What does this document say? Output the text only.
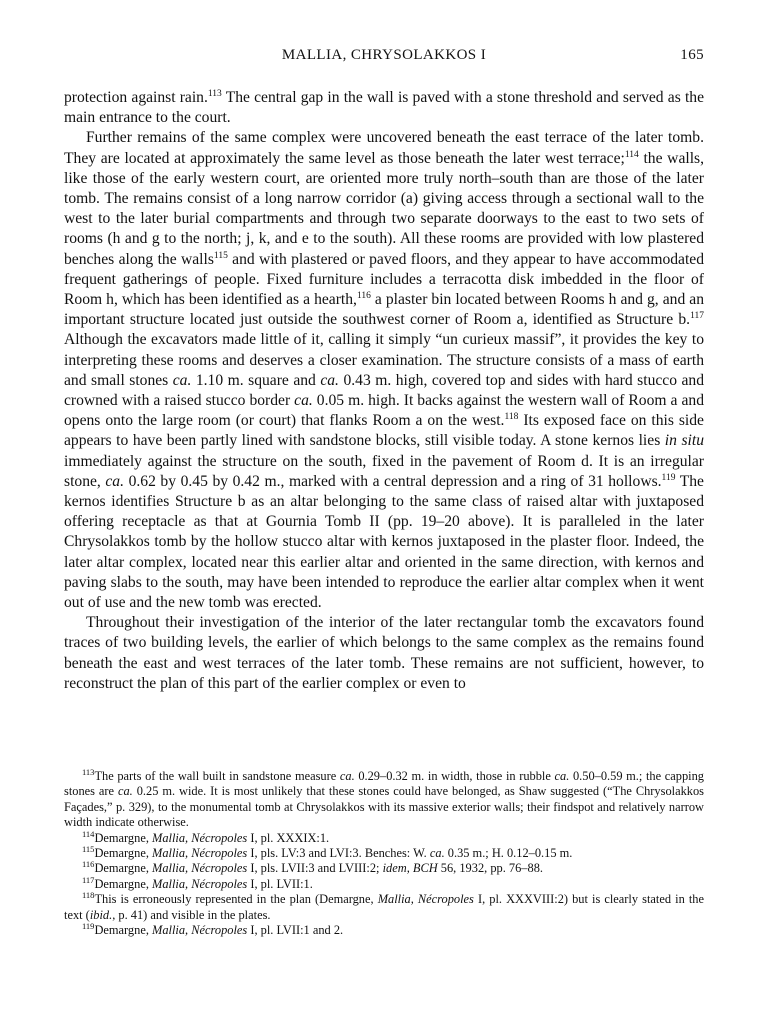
MALLIA, CHRYSOLAKKOS I	165

protection against rain.$^{113}$ The central gap in the wall is paved with a stone threshold and served as the main entrance to the court.

Further remains of the same complex were uncovered beneath the east terrace of the later tomb. They are located at approximately the same level as those beneath the later west terrace;$^{114}$ the walls, like those of the early western court, are oriented more truly north–south than are those of the later tomb. The remains consist of a long narrow corridor (a) giving access through a sectional wall to the west to the later burial compartments and through two separate doorways to the east to two sets of rooms (h and g to the north; j, k, and e to the south). All these rooms are provided with low plastered benches along the walls$^{115}$ and with plastered or paved floors, and they appear to have accommodated frequent gatherings of people. Fixed furniture includes a terracotta disk imbedded in the floor of Room h, which has been identified as a hearth,$^{116}$ a plaster bin located between Rooms h and g, and an important structure located just outside the southwest corner of Room a, identified as Structure b.$^{117}$ Although the excavators made little of it, calling it simply “un curieux massif”, it provides the key to interpreting these rooms and deserves a closer examination. The structure consists of a mass of earth and small stones ca. 1.10 m. square and ca. 0.43 m. high, covered top and sides with hard stucco and crowned with a raised stucco border ca. 0.05 m. high. It backs against the western wall of Room a and opens onto the large room (or court) that flanks Room a on the west.$^{118}$ Its exposed face on this side appears to have been partly lined with sandstone blocks, still visible today. A stone kernos lies in situ immediately against the structure on the south, fixed in the pavement of Room d. It is an irregular stone, ca. 0.62 by 0.45 by 0.42 m., marked with a central depression and a ring of 31 hollows.$^{119}$ The kernos identifies Structure b as an altar belonging to the same class of raised altar with juxtaposed offering receptacle as that at Gournia Tomb II (pp. 19–20 above). It is paralleled in the later Chrysolakkos tomb by the hollow stucco altar with kernos juxtaposed in the plaster floor. Indeed, the later altar complex, located near this earlier altar and oriented in the same direction, with kernos and paving slabs to the south, may have been intended to reproduce the earlier altar complex when it went out of use and the new tomb was erected.

Throughout their investigation of the interior of the later rectangular tomb the excavators found traces of two building levels, the earlier of which belongs to the same complex as the remains found beneath the east and west terraces of the later tomb. These remains are not sufficient, however, to reconstruct the plan of this part of the earlier complex or even to

$^{113}$The parts of the wall built in sandstone measure ca. 0.29–0.32 m. in width, those in rubble ca. 0.50–0.59 m.; the capping stones are ca. 0.25 m. wide. It is most unlikely that these stones could have belonged, as Shaw suggested (“The Chrysolakkos Façades,” p. 329), to the monumental tomb at Chrysolakkos with its massive exterior walls; their findspot and relatively narrow width indicate otherwise.

$^{114}$Demargne, Mallia, Nécropoles I, pl. XXXIX:1.

$^{115}$Demargne, Mallia, Nécropoles I, pls. LV:3 and LVI:3. Benches: W. ca. 0.35 m.; H. 0.12–0.15 m.

$^{116}$Demargne, Mallia, Nécropoles I, pls. LVII:3 and LVIII:2; idem, BCH 56, 1932, pp. 76–88.

$^{117}$Demargne, Mallia, Nécropoles I, pl. LVII:1.

$^{118}$This is erroneously represented in the plan (Demargne, Mallia, Nécropoles I, pl. XXXVIII:2) but is clearly stated in the text (ibid., p. 41) and visible in the plates.

$^{119}$Demargne, Mallia, Nécropoles I, pl. LVII:1 and 2.
